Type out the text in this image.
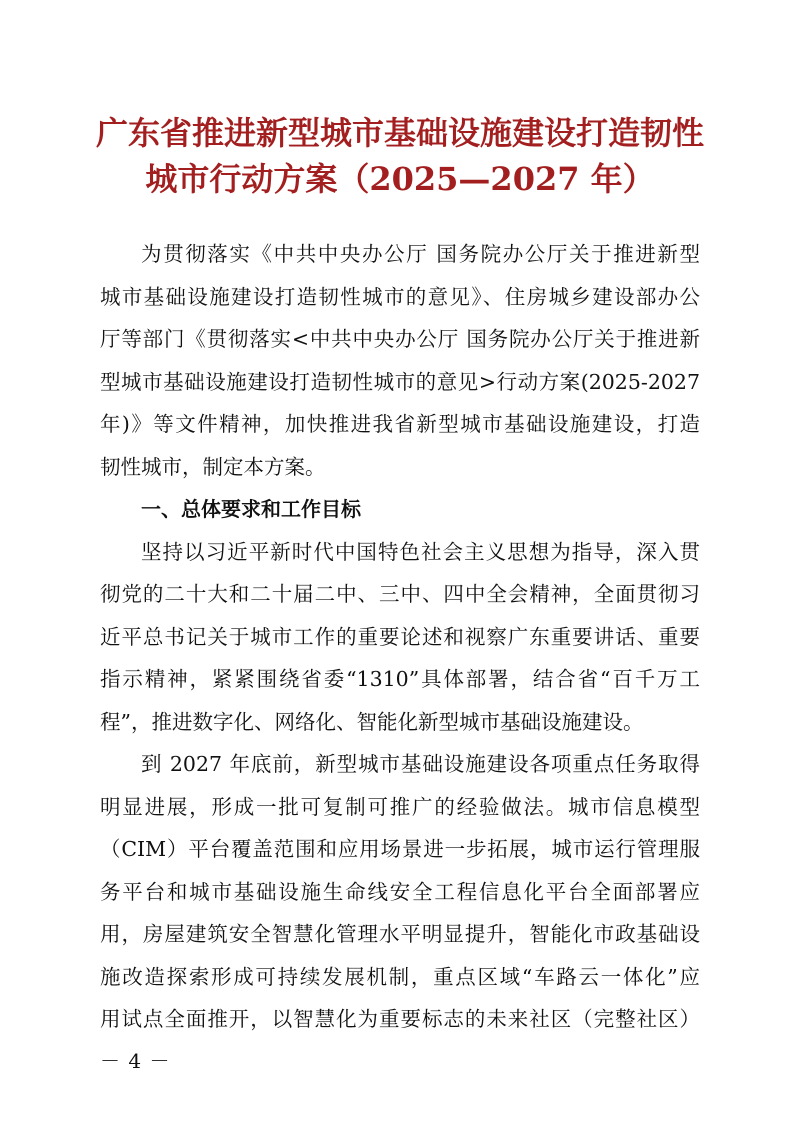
广东省推进新型城市基础设施建设打造韧性
城市行动方案（2025—2027 年）
为贯彻落实《中共中央办公厅 国务院办公厅关于推进新型
城市基础设施建设打造韧性城市的意见》、住房城乡建设部办公
厅等部门《贯彻落实<中共中央办公厅 国务院办公厅关于推进新
型城市基础设施建设打造韧性城市的意见>行动方案(2025-2027
年)》等文件精神，加快推进我省新型城市基础设施建设，打造
韧性城市，制定本方案。
一、总体要求和工作目标
坚持以习近平新时代中国特色社会主义思想为指导，深入贯
彻党的二十大和二十届二中、三中、四中全会精神，全面贯彻习
近平总书记关于城市工作的重要论述和视察广东重要讲话、重要
指示精神，紧紧围绕省委“1310”具体部署，结合省“百千万工
程”，推进数字化、网络化、智能化新型城市基础设施建设。
到 2027 年底前，新型城市基础设施建设各项重点任务取得
明显进展，形成一批可复制可推广的经验做法。城市信息模型
（CIM）平台覆盖范围和应用场景进一步拓展，城市运行管理服
务平台和城市基础设施生命线安全工程信息化平台全面部署应
用，房屋建筑安全智慧化管理水平明显提升，智能化市政基础设
施改造探索形成可持续发展机制，重点区域“车路云一体化”应
用试点全面推开，以智慧化为重要标志的未来社区（完整社区）
－ 4 －
